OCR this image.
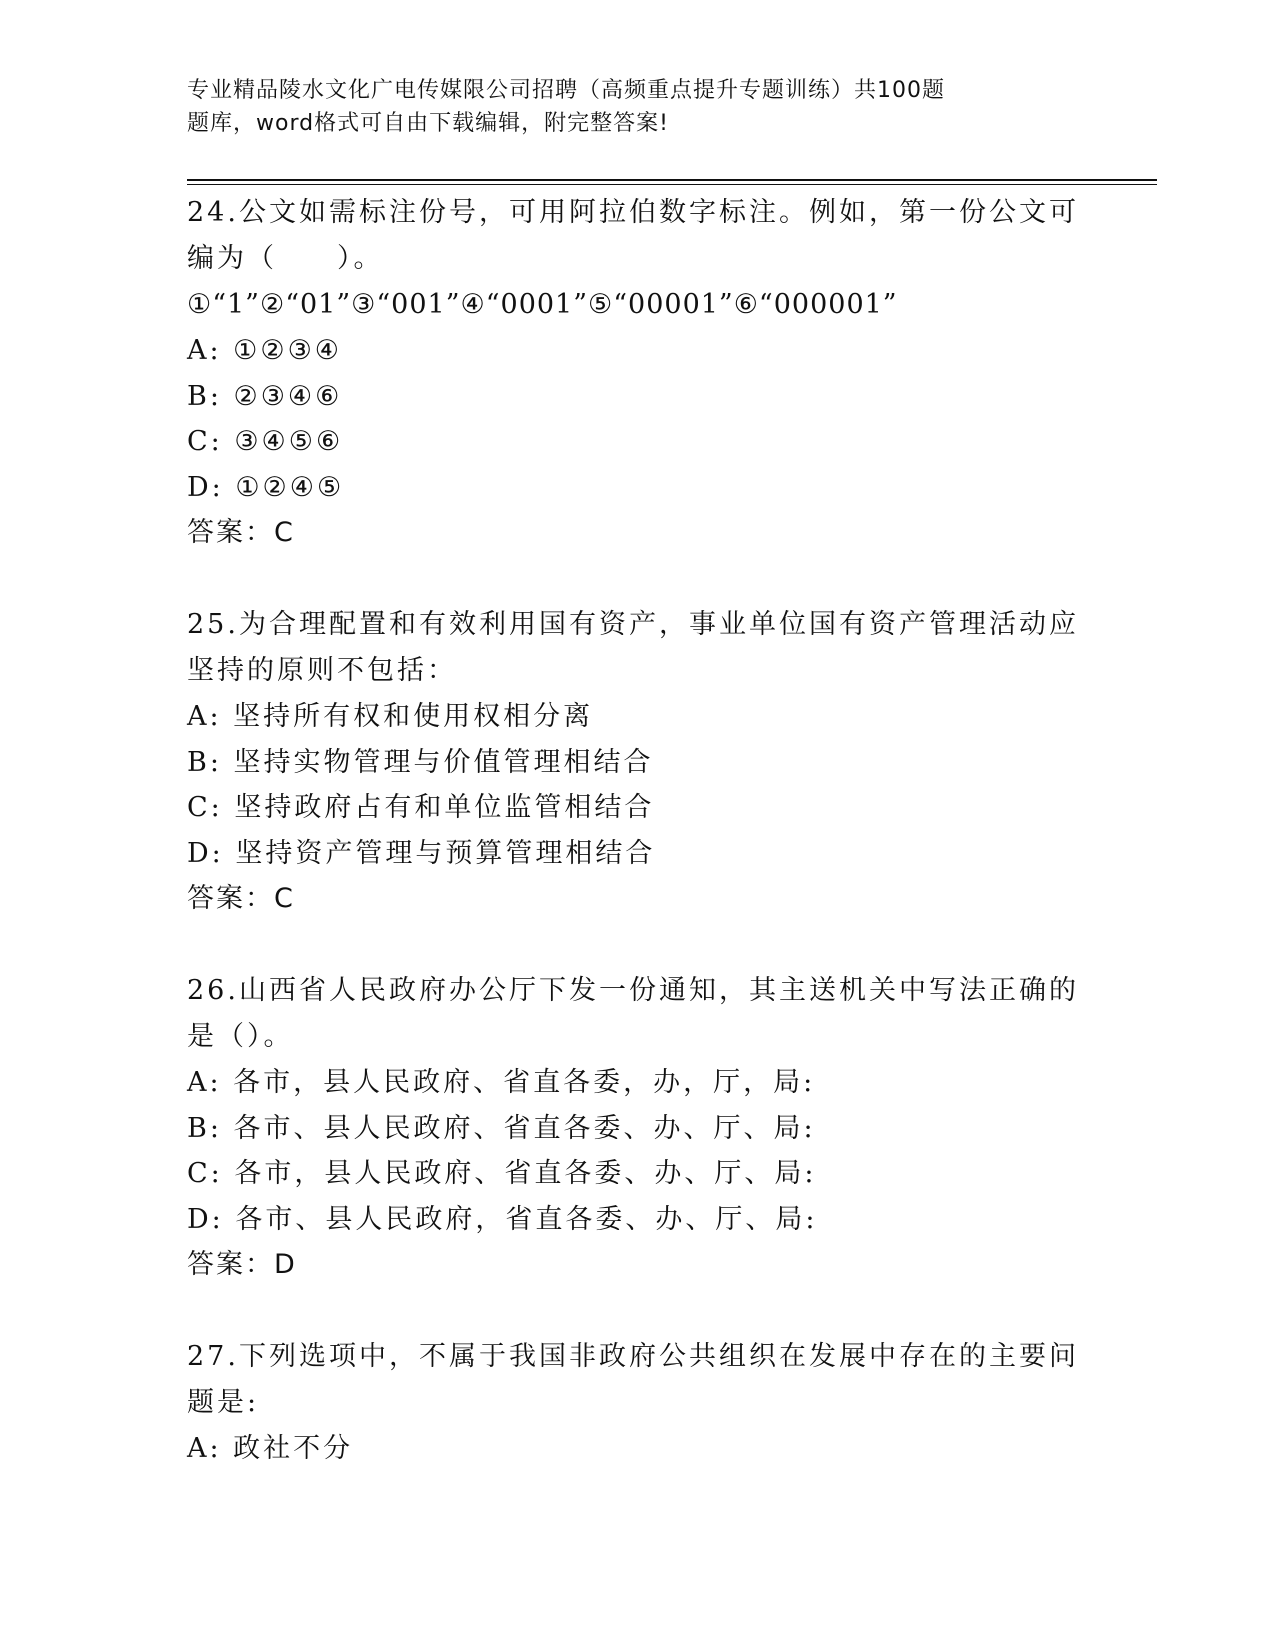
专业精品陵水文化广电传媒限公司招聘（高频重点提升专题训练）共100题
题库，word格式可自由下载编辑，附完整答案!
24.公文如需标注份号，可用阿拉伯数字标注。例如，第一份公文可编为（　　）。
①“1”②“01”③“001”④“0001”⑤“00001”⑥“000001”
A: ①②③④
B: ②③④⑥
C: ③④⑤⑥
D: ①②④⑤
答案：C
25.为合理配置和有效利用国有资产，事业单位国有资产管理活动应坚持的原则不包括：
A: 坚持所有权和使用权相分离
B: 坚持实物管理与价值管理相结合
C: 坚持政府占有和单位监管相结合
D: 坚持资产管理与预算管理相结合
答案：C
26.山西省人民政府办公厅下发一份通知，其主送机关中写法正确的是（）。
A: 各市，县人民政府、省直各委，办，厅，局:
B: 各市、县人民政府、省直各委、办、厅、局:
C: 各市，县人民政府、省直各委、办、厅、局:
D: 各市、县人民政府，省直各委、办、厅、局:
答案：D
27.下列选项中，不属于我国非政府公共组织在发展中存在的主要问题是:
A: 政社不分
